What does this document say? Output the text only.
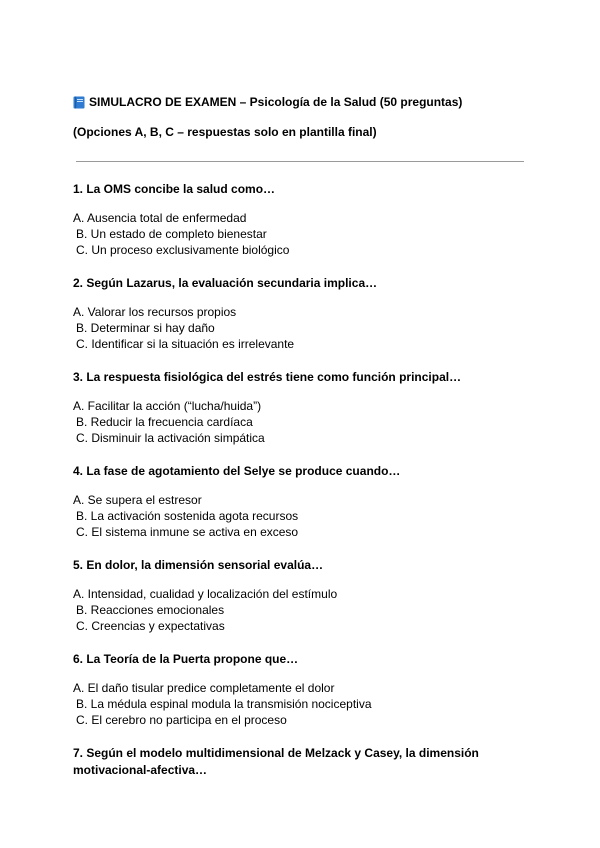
SIMULACRO DE EXAMEN – Psicología de la Salud (50 preguntas)
(Opciones A, B, C – respuestas solo en plantilla final)
1. La OMS concibe la salud como…
A. Ausencia total de enfermedad
B. Un estado de completo bienestar
C. Un proceso exclusivamente biológico
2. Según Lazarus, la evaluación secundaria implica…
A. Valorar los recursos propios
B. Determinar si hay daño
C. Identificar si la situación es irrelevante
3. La respuesta fisiológica del estrés tiene como función principal…
A. Facilitar la acción (“lucha/huida”)
B. Reducir la frecuencia cardíaca
C. Disminuir la activación simpática
4. La fase de agotamiento del Selye se produce cuando…
A. Se supera el estresor
B. La activación sostenida agota recursos
C. El sistema inmune se activa en exceso
5. En dolor, la dimensión sensorial evalúa…
A. Intensidad, cualidad y localización del estímulo
B. Reacciones emocionales
C. Creencias y expectativas
6. La Teoría de la Puerta propone que…
A. El daño tisular predice completamente el dolor
B. La médula espinal modula la transmisión nociceptiva
C. El cerebro no participa en el proceso
7. Según el modelo multidimensional de Melzack y Casey, la dimensión motivacional-afectiva…
